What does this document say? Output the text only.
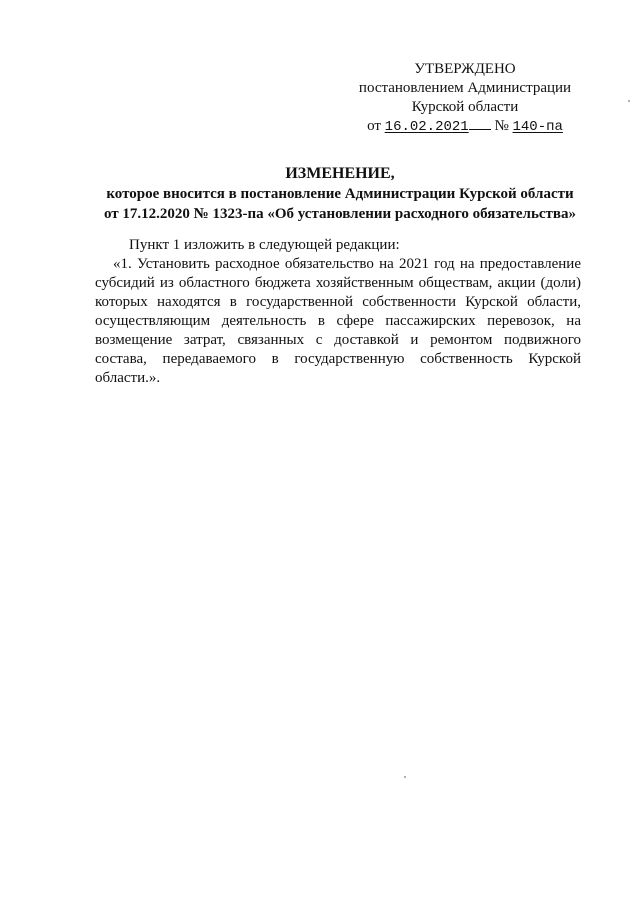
УТВЕРЖДЕНО
постановлением Администрации
Курской области
от 16.02.2021 № 140-па
ИЗМЕНЕНИЕ,
которое вносится в постановление Администрации Курской области
от 17.12.2020 № 1323-па «Об установлении расходного обязательства»

Пункт 1 изложить в следующей редакции:

«1. Установить расходное обязательство на 2021 год на предоставление субсидий из областного бюджета хозяйственным обществам, акции (доли) которых находятся в государственной собственности Курской области, осуществляющим деятельность в сфере пассажирских перевозок, на возмещение затрат, связанных с доставкой и ремонтом подвижного состава, передаваемого в государственную собственность Курской области.».
